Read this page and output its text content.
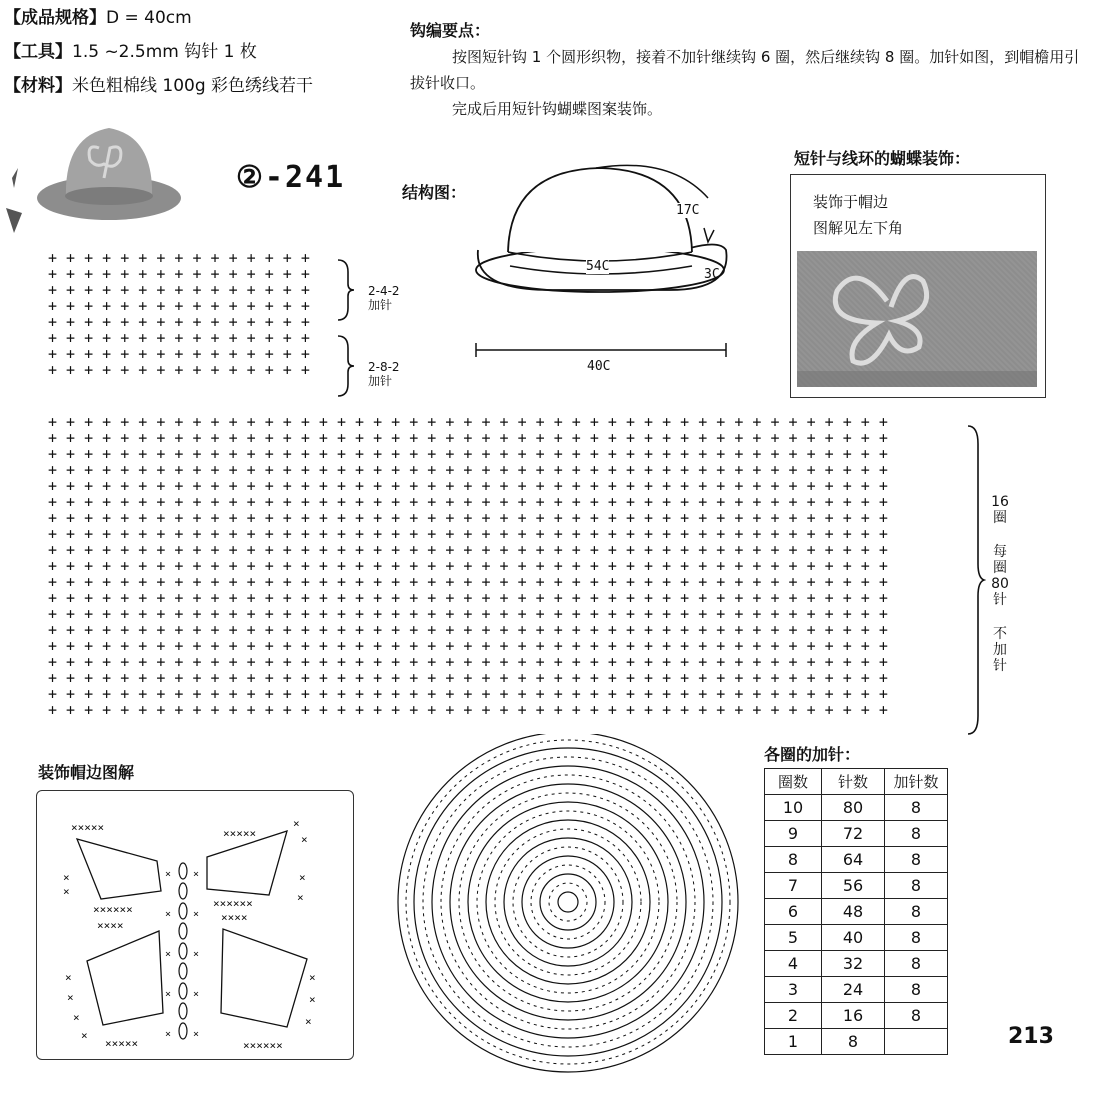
【成品规格】D = 40cm
【工具】1.5 ~2.5mm 钩针 1 枚
【材料】米色粗棉线 100g 彩色绣线若干
钩编要点：
按图短针钩 1 个圆形织物，接着不加针继续钩 6 圈，然后继续钩 8 圈。加针如图，到帽檐用引拔针收口。
完成后用短针钩蝴蝶图案装饰。
②-241	结构图：
17C
54C
3C
40C
短针与线环的蝴蝶装饰：
装饰于帽边
图解见左下角
+ + + + + + + + + + + + + + +
+ + + + + + + + + + + + + + +
+ + + + + + + + + + + + + + +
+ + + + + + + + + + + + + + +
+ + + + + + + + + + + + + + +
+ + + + + + + + + + + + + + +
+ + + + + + + + + + + + + + +
+ + + + + + + + + + + + + + +
2-4-2
加针
2-8-2
加针
+ + + + + + + + + + + + + + + + + + + + + + + + + + + + + + + + + + + + + + + + + + + + + + +
+ + + + + + + + + + + + + + + + + + + + + + + + + + + + + + + + + + + + + + + + + + + + + + +
+ + + + + + + + + + + + + + + + + + + + + + + + + + + + + + + + + + + + + + + + + + + + + + +
+ + + + + + + + + + + + + + + + + + + + + + + + + + + + + + + + + + + + + + + + + + + + + + +
+ + + + + + + + + + + + + + + + + + + + + + + + + + + + + + + + + + + + + + + + + + + + + + +
+ + + + + + + + + + + + + + + + + + + + + + + + + + + + + + + + + + + + + + + + + + + + + + +
+ + + + + + + + + + + + + + + + + + + + + + + + + + + + + + + + + + + + + + + + + + + + + + +
+ + + + + + + + + + + + + + + + + + + + + + + + + + + + + + + + + + + + + + + + + + + + + + +
+ + + + + + + + + + + + + + + + + + + + + + + + + + + + + + + + + + + + + + + + + + + + + + +
+ + + + + + + + + + + + + + + + + + + + + + + + + + + + + + + + + + + + + + + + + + + + + + +
+ + + + + + + + + + + + + + + + + + + + + + + + + + + + + + + + + + + + + + + + + + + + + + +
+ + + + + + + + + + + + + + + + + + + + + + + + + + + + + + + + + + + + + + + + + + + + + + +
+ + + + + + + + + + + + + + + + + + + + + + + + + + + + + + + + + + + + + + + + + + + + + + +
+ + + + + + + + + + + + + + + + + + + + + + + + + + + + + + + + + + + + + + + + + + + + + + +
+ + + + + + + + + + + + + + + + + + + + + + + + + + + + + + + + + + + + + + + + + + + + + + +
+ + + + + + + + + + + + + + + + + + + + + + + + + + + + + + + + + + + + + + + + + + + + + + +
+ + + + + + + + + + + + + + + + + + + + + + + + + + + + + + + + + + + + + + + + + + + + + + +
+ + + + + + + + + + + + + + + + + + + + + + + + + + + + + + + + + + + + + + + + + + + + + + +
+ + + + + + + + + + + + + + + + + + + + + + + + + + + + + + + + + + + + + + + + + + + + + + +
16
圈
每
圈
80
针
不
加
针
装饰帽边图解
×××××
×
×
××××××
×××××
×
×
×
×
××××××
××××
×
×
×
×
×××××
××××
×
×
×
××××××
× ×
× ×
× ×
× ×
× ×
各圈的加针：
圈数	针数	加针数
10	80	8
9	72	8
8	64	8
7	56	8
6	48	8
5	40	8
4	32	8
3	24	8
2	16	8
1	8		213
